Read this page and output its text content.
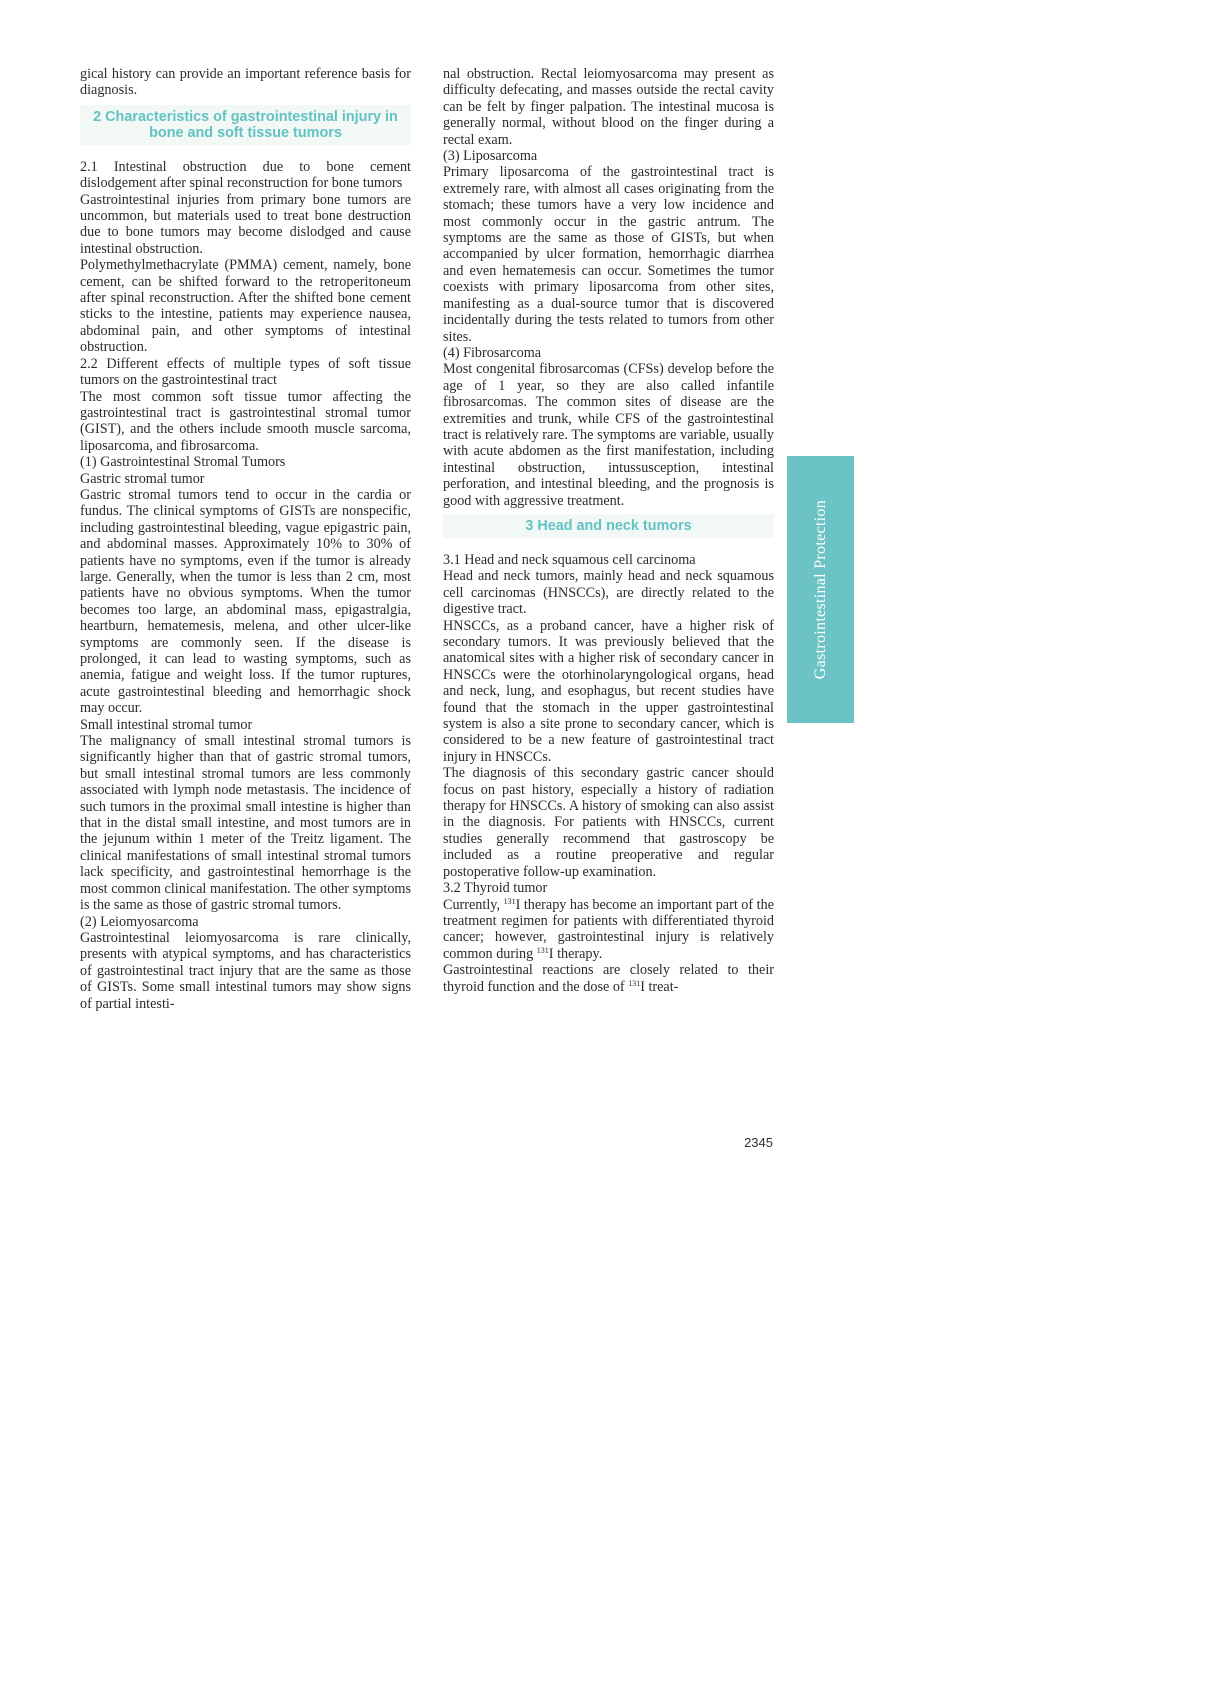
gical history can provide an important reference basis for diagnosis.

2 Characteristics of gastrointestinal injury in bone and soft tissue tumors

2.1 Intestinal obstruction due to bone cement dislodgement after spinal reconstruction for bone tumors

Gastrointestinal injuries from primary bone tumors are uncommon, but materials used to treat bone destruction due to bone tumors may become dislodged and cause intestinal obstruction.

Polymethylmethacrylate (PMMA) cement, namely, bone cement, can be shifted forward to the retroperitoneum after spinal reconstruction. After the shifted bone cement sticks to the intestine, patients may experience nausea, abdominal pain, and other symptoms of intestinal obstruction.

2.2 Different effects of multiple types of soft tissue tumors on the gastrointestinal tract

The most common soft tissue tumor affecting the gastrointestinal tract is gastrointestinal stromal tumor (GIST), and the others include smooth muscle sarcoma, liposarcoma, and fibrosarcoma.

(1) Gastrointestinal Stromal Tumors

Gastric stromal tumor

Gastric stromal tumors tend to occur in the cardia or fundus. The clinical symptoms of GISTs are nonspecific, including gastrointestinal bleeding, vague epigastric pain, and abdominal masses. Approximately 10% to 30% of patients have no symptoms, even if the tumor is already large. Generally, when the tumor is less than 2 cm, most patients have no obvious symptoms. When the tumor becomes too large, an abdominal mass, epigastralgia, heartburn, hematemesis, melena, and other ulcer-like symptoms are commonly seen. If the disease is prolonged, it can lead to wasting symptoms, such as anemia, fatigue and weight loss. If the tumor ruptures, acute gastrointestinal bleeding and hemorrhagic shock may occur.

Small intestinal stromal tumor

The malignancy of small intestinal stromal tumors is significantly higher than that of gastric stromal tumors, but small intestinal stromal tumors are less commonly associated with lymph node metastasis. The incidence of such tumors in the proximal small intestine is higher than that in the distal small intestine, and most tumors are in the jejunum within 1 meter of the Treitz ligament. The clinical manifestations of small intestinal stromal tumors lack specificity, and gastrointestinal hemorrhage is the most common clinical manifestation. The other symptoms is the same as those of gastric stromal tumors.

(2) Leiomyosarcoma

Gastrointestinal leiomyosarcoma is rare clinically, presents with atypical symptoms, and has characteristics of gastrointestinal tract injury that are the same as those of GISTs. Some small intestinal tumors may show signs of partial intesti-

nal obstruction. Rectal leiomyosarcoma may present as difficulty defecating, and masses outside the rectal cavity can be felt by finger palpation. The intestinal mucosa is generally normal, without blood on the finger during a rectal exam.

(3) Liposarcoma

Primary liposarcoma of the gastrointestinal tract is extremely rare, with almost all cases originating from the stomach; these tumors have a very low incidence and most commonly occur in the gastric antrum. The symptoms are the same as those of GISTs, but when accompanied by ulcer formation, hemorrhagic diarrhea and even hematemesis can occur. Sometimes the tumor coexists with primary liposarcoma from other sites, manifesting as a dual-source tumor that is discovered incidentally during the tests related to tumors from other sites.

(4) Fibrosarcoma

Most congenital fibrosarcomas (CFSs) develop before the age of 1 year, so they are also called infantile fibrosarcomas. The common sites of disease are the extremities and trunk, while CFS of the gastrointestinal tract is relatively rare. The symptoms are variable, usually with acute abdomen as the first manifestation, including intestinal obstruction, intussusception, intestinal perforation, and intestinal bleeding, and the prognosis is good with aggressive treatment.

3 Head and neck tumors

3.1 Head and neck squamous cell carcinoma

Head and neck tumors, mainly head and neck squamous cell carcinomas (HNSCCs), are directly related to the digestive tract.

HNSCCs, as a proband cancer, have a higher risk of secondary tumors. It was previously believed that the anatomical sites with a higher risk of secondary cancer in HNSCCs were the otorhinolaryngological organs, head and neck, lung, and esophagus, but recent studies have found that the stomach in the upper gastrointestinal system is also a site prone to secondary cancer, which is considered to be a new feature of gastrointestinal tract injury in HNSCCs.

The diagnosis of this secondary gastric cancer should focus on past history, especially a history of radiation therapy for HNSCCs. A history of smoking can also assist in the diagnosis. For patients with HNSCCs, current studies generally recommend that gastroscopy be included as a routine preoperative and regular postoperative follow-up examination.

3.2 Thyroid tumor

Currently, $^{131}$I therapy has become an important part of the treatment regimen for patients with differentiated thyroid cancer; however, gastrointestinal injury is relatively common during $^{131}$I therapy.

Gastrointestinal reactions are closely related to their thyroid function and the dose of $^{131}$I treat-

Gastrointestinal Protection
2345
